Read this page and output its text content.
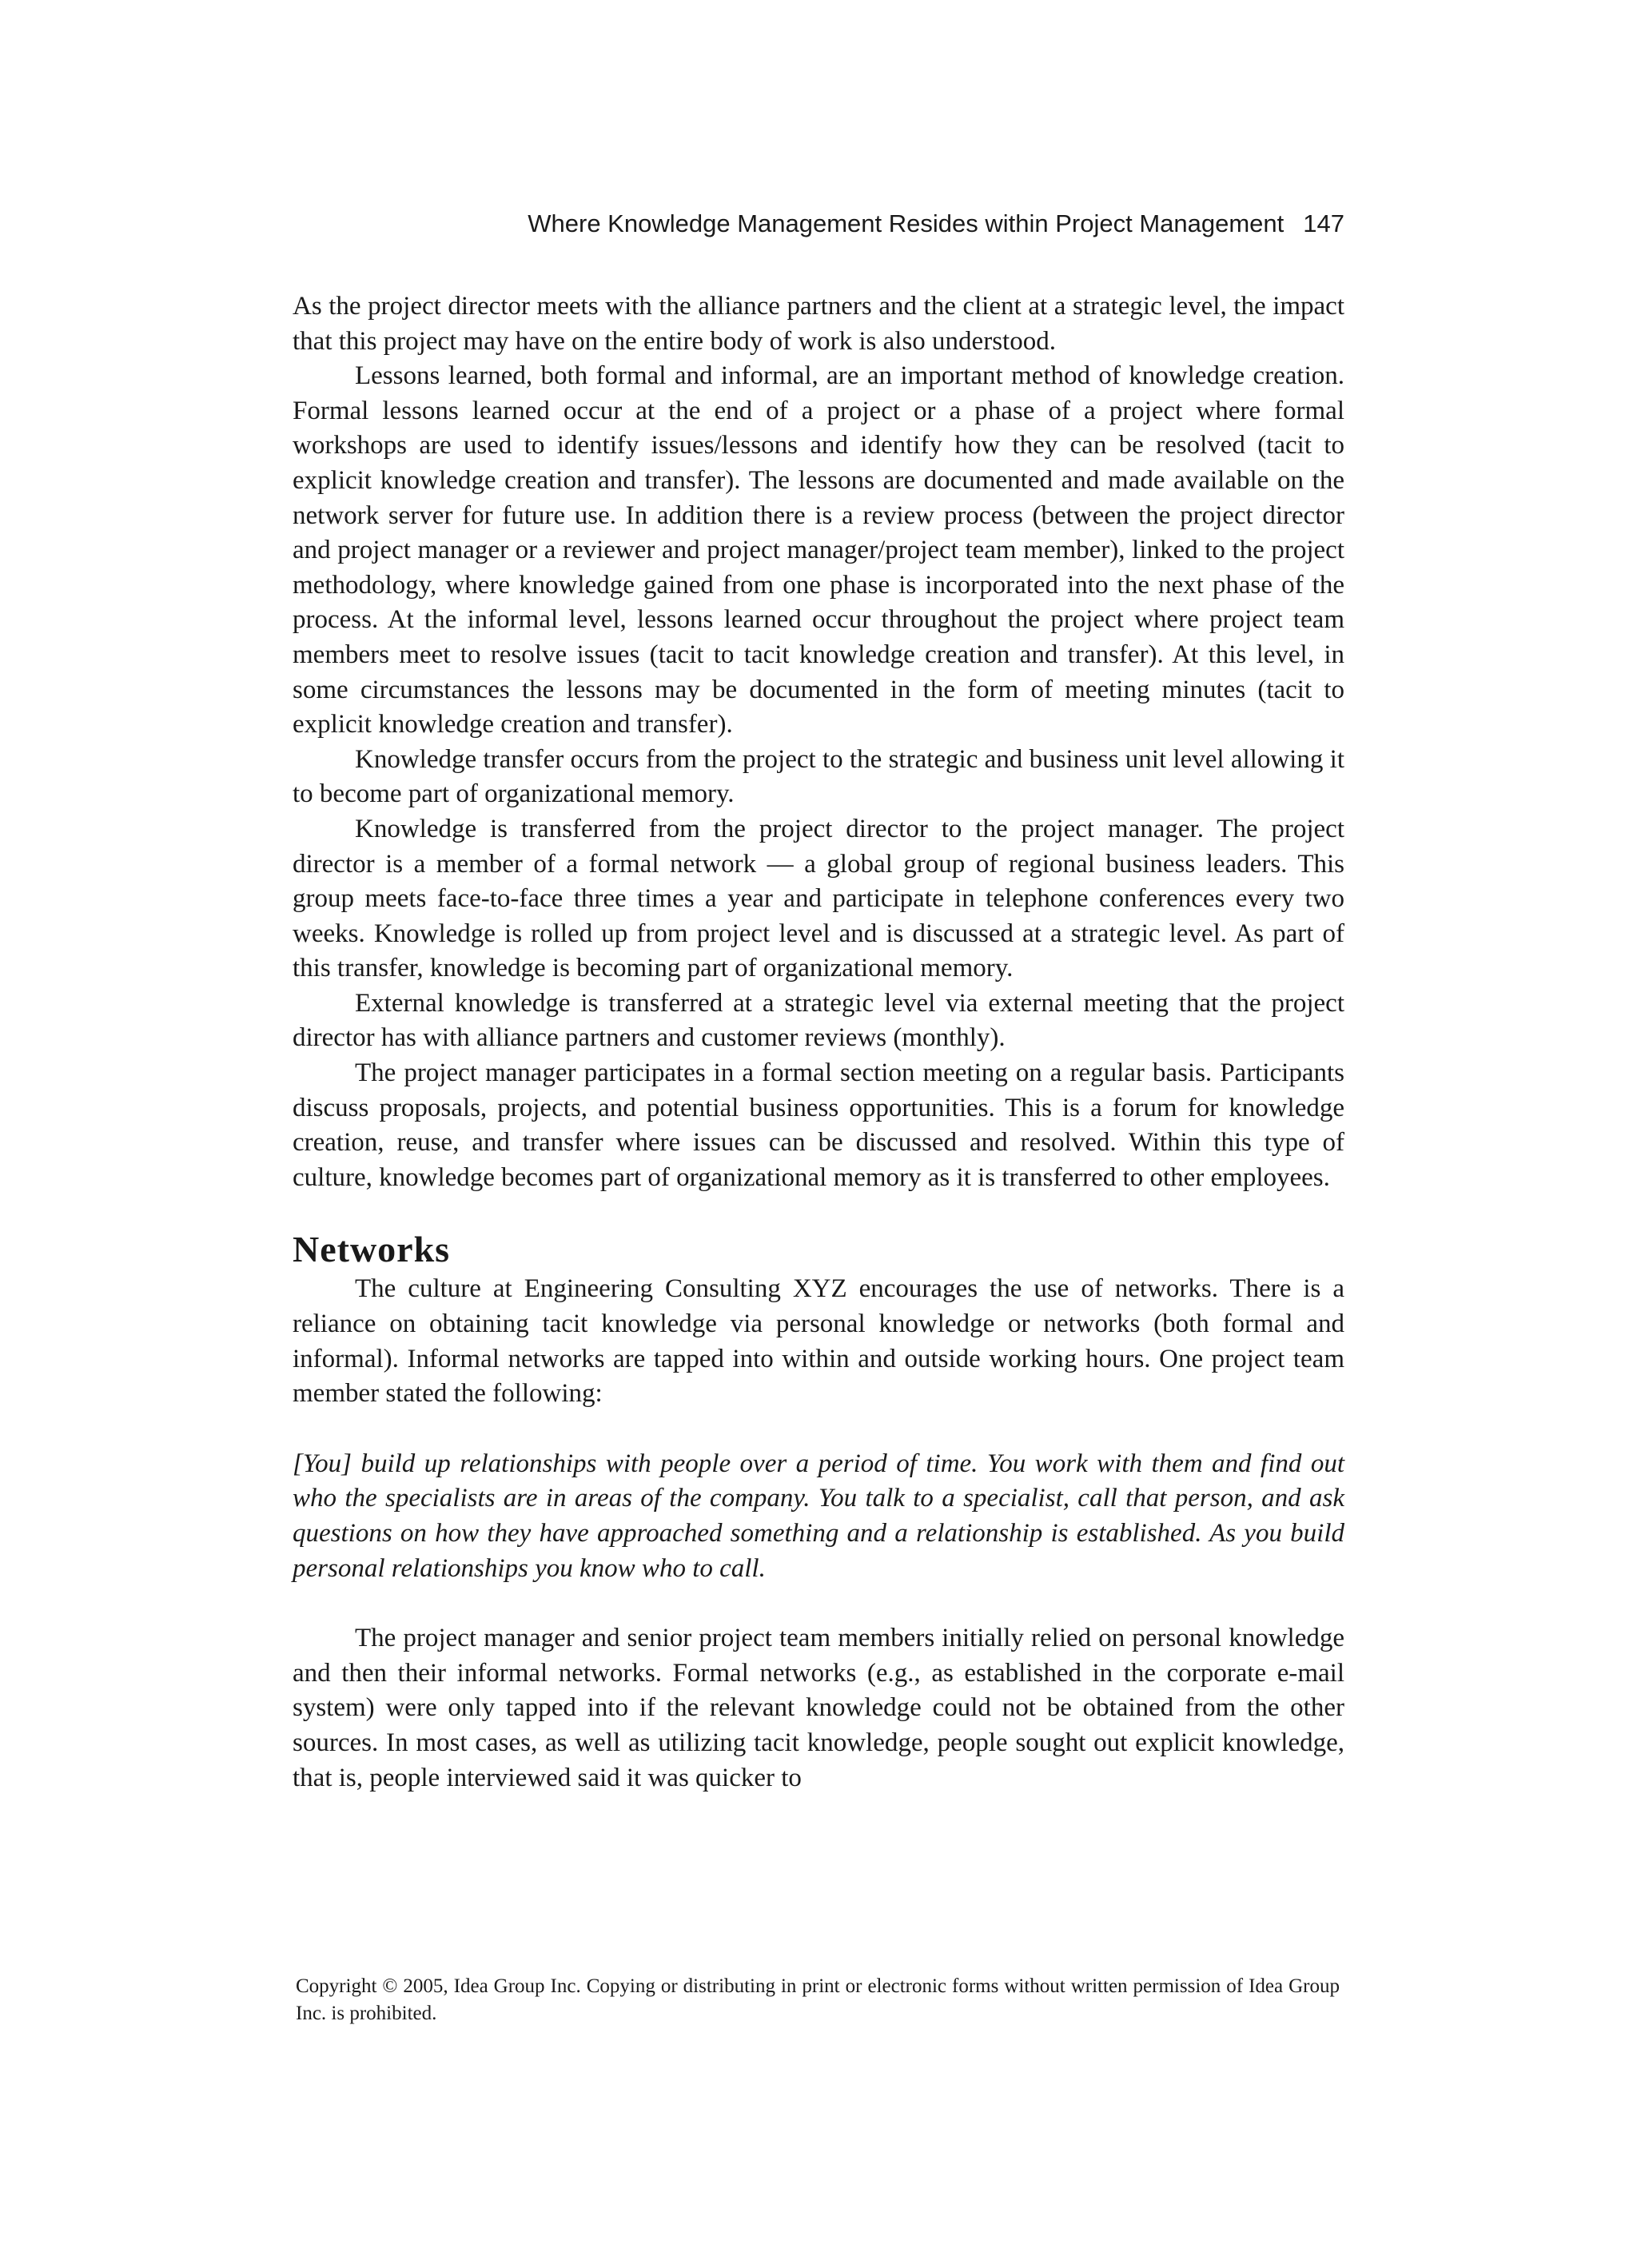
Where Knowledge Management Resides within Project Management 147

As the project director meets with the alliance partners and the client at a strategic level, the impact that this project may have on the entire body of work is also understood.

Lessons learned, both formal and informal, are an important method of knowledge creation. Formal lessons learned occur at the end of a project or a phase of a project where formal workshops are used to identify issues/lessons and identify how they can be resolved (tacit to explicit knowledge creation and transfer). The lessons are documented and made available on the network server for future use. In addition there is a review process (between the project director and project manager or a reviewer and project manager/project team member), linked to the project methodology, where knowledge gained from one phase is incorporated into the next phase of the process. At the informal level, lessons learned occur throughout the project where project team members meet to resolve issues (tacit to tacit knowledge creation and transfer). At this level, in some circumstances the lessons may be documented in the form of meeting minutes (tacit to explicit knowledge creation and transfer).

Knowledge transfer occurs from the project to the strategic and business unit level allowing it to become part of organizational memory.

Knowledge is transferred from the project director to the project manager. The project director is a member of a formal network — a global group of regional business leaders. This group meets face-to-face three times a year and participate in telephone conferences every two weeks. Knowledge is rolled up from project level and is discussed at a strategic level. As part of this transfer, knowledge is becoming part of organizational memory.

External knowledge is transferred at a strategic level via external meeting that the project director has with alliance partners and customer reviews (monthly).

The project manager participates in a formal section meeting on a regular basis. Participants discuss proposals, projects, and potential business opportunities. This is a forum for knowledge creation, reuse, and transfer where issues can be discussed and resolved. Within this type of culture, knowledge becomes part of organizational memory as it is transferred to other employees.

Networks

The culture at Engineering Consulting XYZ encourages the use of networks. There is a reliance on obtaining tacit knowledge via personal knowledge or networks (both formal and informal). Informal networks are tapped into within and outside working hours. One project team member stated the following:

[You] build up relationships with people over a period of time. You work with them and find out who the specialists are in areas of the company. You talk to a specialist, call that person, and ask questions on how they have approached something and a relationship is established. As you build personal relationships you know who to call.

The project manager and senior project team members initially relied on personal knowledge and then their informal networks. Formal networks (e.g., as established in the corporate e-mail system) were only tapped into if the relevant knowledge could not be obtained from the other sources. In most cases, as well as utilizing tacit knowledge, people sought out explicit knowledge, that is, people interviewed said it was quicker to

Copyright © 2005, Idea Group Inc. Copying or distributing in print or electronic forms without written permission of Idea Group Inc. is prohibited.
